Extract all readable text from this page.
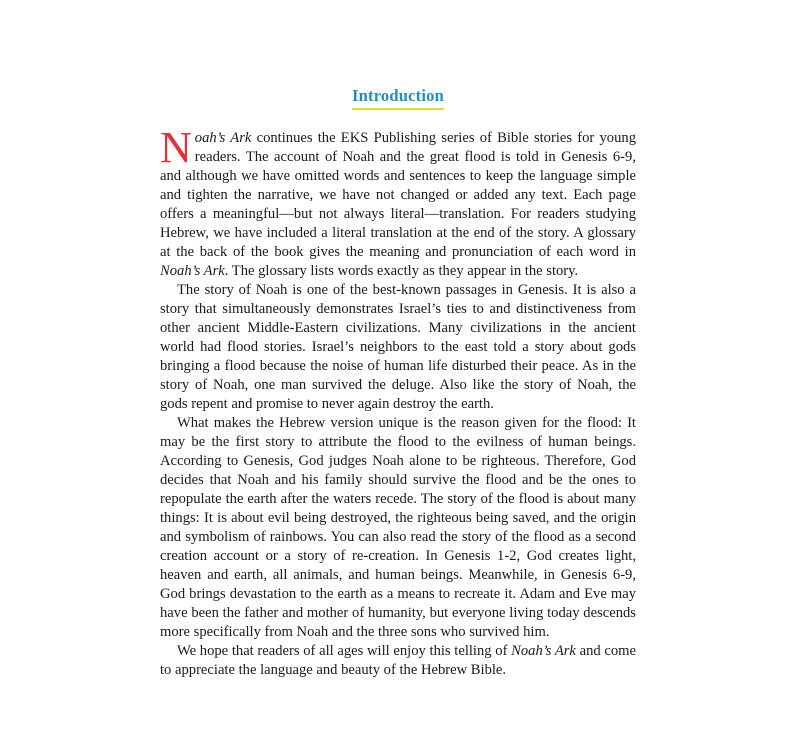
Introduction

Noah’s Ark continues the EKS Publishing series of Bible stories for young readers. The account of Noah and the great flood is told in Genesis 6-9, and although we have omitted words and sentences to keep the language simple and tighten the narrative, we have not changed or added any text. Each page offers a meaningful—but not always literal—translation. For readers studying Hebrew, we have included a literal translation at the end of the story. A glossary at the back of the book gives the meaning and pronunciation of each word in Noah’s Ark. The glossary lists words exactly as they appear in the story.

The story of Noah is one of the best-known passages in Genesis. It is also a story that simultaneously demonstrates Israel’s ties to and distinctiveness from other ancient Middle-Eastern civilizations. Many civilizations in the ancient world had flood stories. Israel’s neighbors to the east told a story about gods bringing a flood because the noise of human life disturbed their peace. As in the story of Noah, one man survived the deluge. Also like the story of Noah, the gods repent and promise to never again destroy the earth.

What makes the Hebrew version unique is the reason given for the flood: It may be the first story to attribute the flood to the evilness of human beings. According to Genesis, God judges Noah alone to be righteous. Therefore, God decides that Noah and his family should survive the flood and be the ones to repopulate the earth after the waters recede. The story of the flood is about many things: It is about evil being destroyed, the righteous being saved, and the origin and symbolism of rainbows. You can also read the story of the flood as a second creation account or a story of re-creation. In Genesis 1-2, God creates light, heaven and earth, all animals, and human beings. Meanwhile, in Genesis 6-9, God brings devastation to the earth as a means to recreate it. Adam and Eve may have been the father and mother of humanity, but everyone living today descends more specifically from Noah and the three sons who survived him.

We hope that readers of all ages will enjoy this telling of Noah’s Ark and come to appreciate the language and beauty of the Hebrew Bible.
